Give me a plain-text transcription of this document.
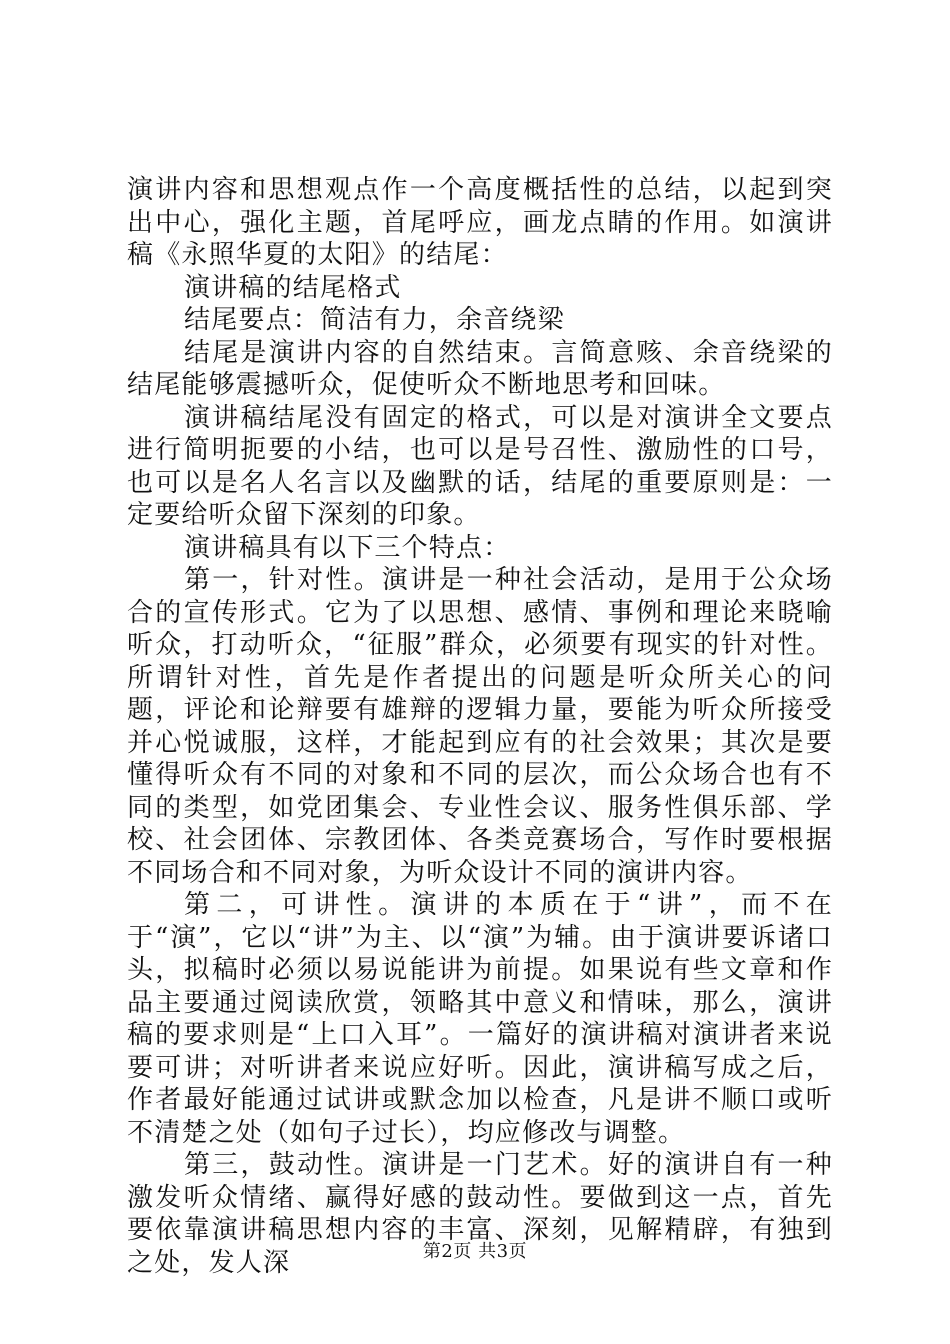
演讲内容和思想观点作一个高度概括性的总结，以起到突出中心，强化主题，首尾呼应，画龙点睛的作用。如演讲稿《永照华夏的太阳》的结尾：

演讲稿的结尾格式

结尾要点：简洁有力，余音绕梁

结尾是演讲内容的自然结束。言简意赅、余音绕梁的结尾能够震撼听众，促使听众不断地思考和回味。

演讲稿结尾没有固定的格式，可以是对演讲全文要点进行简明扼要的小结，也可以是号召性、激励性的口号，也可以是名人名言以及幽默的话，结尾的重要原则是：一定要给听众留下深刻的印象。

演讲稿具有以下三个特点：

第一，针对性。演讲是一种社会活动，是用于公众场合的宣传形式。它为了以思想、感情、事例和理论来晓喻听众，打动听众，“征服”群众，必须要有现实的针对性。所谓针对性，首先是作者提出的问题是听众所关心的问题，评论和论辩要有雄辩的逻辑力量，要能为听众所接受并心悦诚服，这样，才能起到应有的社会效果；其次是要懂得听众有不同的对象和不同的层次，而公众场合也有不同的类型，如党团集会、专业性会议、服务性俱乐部、学校、社会团体、宗教团体、各类竞赛场合，写作时要根据不同场合和不同对象，为听众设计不同的演讲内容。

第二，可讲性。演讲的本质在于“讲”，而不在于“演”，它以“讲”为主、以“演”为辅。由于演讲要诉诸口头，拟稿时必须以易说能讲为前提。如果说有些文章和作品主要通过阅读欣赏，领略其中意义和情味，那么，演讲稿的要求则是“上口入耳”。一篇好的演讲稿对演讲者来说要可讲；对听讲者来说应好听。因此，演讲稿写成之后，作者最好能通过试讲或默念加以检查，凡是讲不顺口或听不清楚之处（如句子过长），均应修改与调整。

第三，鼓动性。演讲是一门艺术。好的演讲自有一种激发听众情绪、赢得好感的鼓动性。要做到这一点，首先要依靠演讲稿思想内容的丰富、深刻，见解精辟，有独到之处，发人深	第2页 共3页
